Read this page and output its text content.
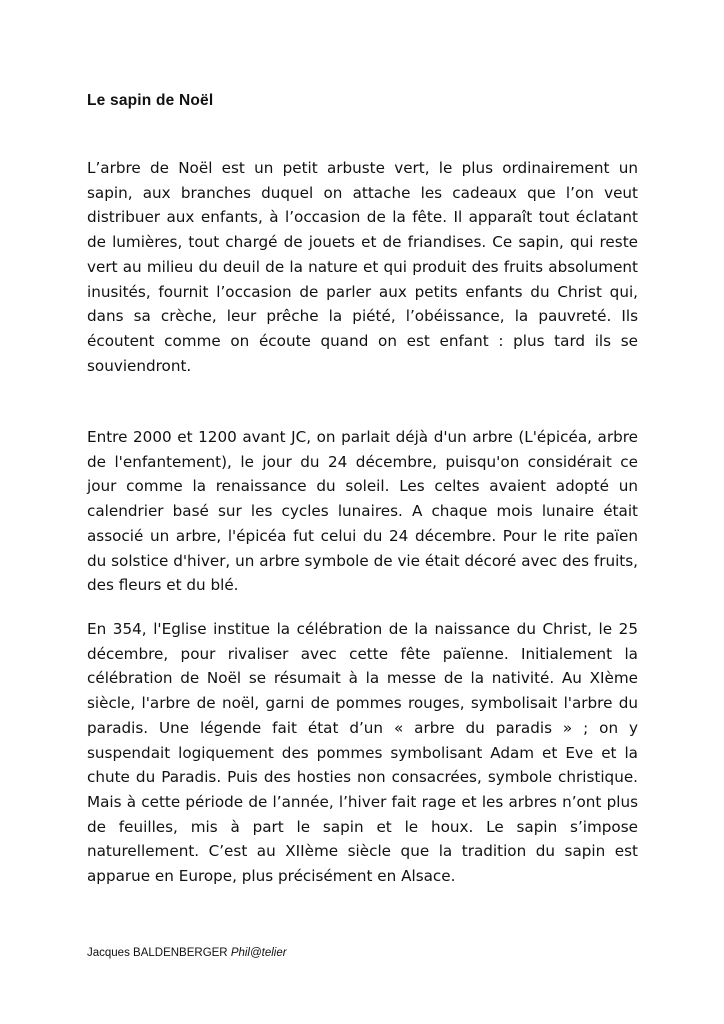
Le sapin de Noël

L’arbre de Noël est un petit arbuste vert, le plus ordinairement un sapin, aux branches duquel on attache les cadeaux que l’on veut distribuer aux enfants, à l’occasion de la fête. Il apparaît tout éclatant de lumières, tout chargé de jouets et de friandises. Ce sapin, qui reste vert au milieu du deuil de la nature et qui produit des fruits absolument inusités, fournit l’occasion de parler aux petits enfants du Christ qui, dans sa crèche, leur prêche la piété, l’obéissance, la pauvreté. Ils écoutent comme on écoute quand on est enfant : plus tard ils se souviendront.

Entre 2000 et 1200 avant JC, on parlait déjà d'un arbre (L'épicéa, arbre de l'enfantement), le jour du 24 décembre, puisqu'on considérait ce jour comme la renaissance du soleil. Les celtes avaient adopté un calendrier basé sur les cycles lunaires. A chaque mois lunaire était associé un arbre, l'épicéa fut celui du 24 décembre. Pour le rite païen du solstice d'hiver, un arbre symbole de vie était décoré avec des fruits, des fleurs et du blé.

En 354, l'Eglise institue la célébration de la naissance du Christ, le 25 décembre, pour rivaliser avec cette fête païenne. Initialement la célébration de Noël se résumait à la messe de la nativité. Au XIème siècle, l'arbre de noël, garni de pommes rouges, symbolisait l'arbre du paradis. Une légende fait état d’un « arbre du paradis » ; on y suspendait logiquement des pommes symbolisant Adam et Eve et la chute du Paradis. Puis des hosties non consacrées, symbole christique. Mais à cette période de l’année, l’hiver fait rage et les arbres n’ont plus de feuilles, mis à part le sapin et le houx. Le sapin s’impose naturellement. C’est au XIIème siècle que la tradition du sapin est apparue en Europe, plus précisément en Alsace.

Jacques BALDENBERGER Phil@telier
